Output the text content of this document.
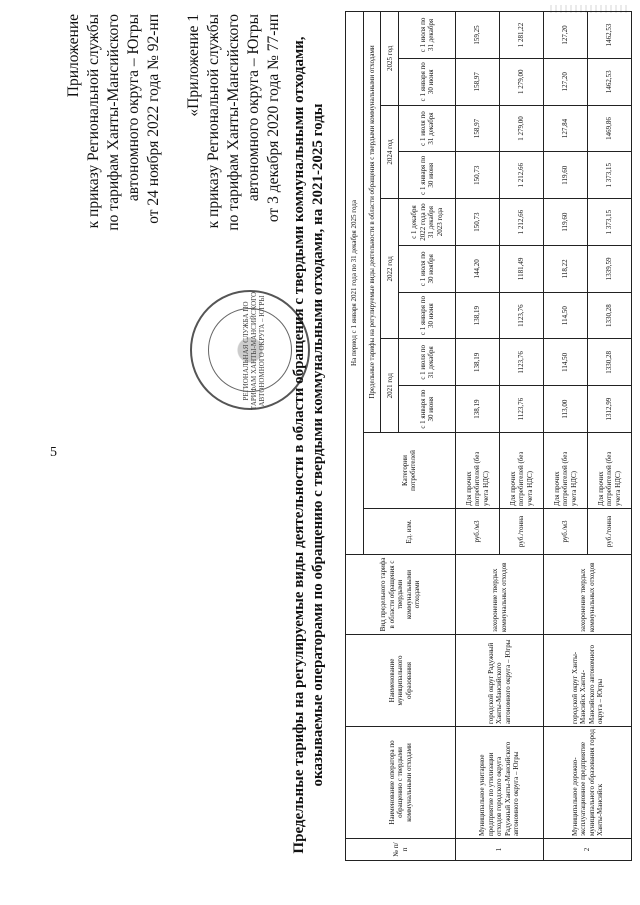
5
РЕГИОНАЛЬНАЯ СЛУЖБА ПО ТАРИФАМ ХАНТЫ-МАНСИЙСКОГО АВТОНОМНОГО ОКРУГА – ЮГРЫ
Приложение к приказу Региональной службы по тарифам Ханты-Мансийского автономного округа – Югры от 24 ноября 2022 года № 92-нп «Приложение 1 к приказу Региональной службы по тарифам Ханты-Мансийского автономного округа – Югры от 3 декабря 2020 года № 77-нп Предельные тарифы на регулируемые виды деятельности в области обращения с твердыми коммунальными отходами, оказываемые операторами по обращению с твердыми коммунальными отходами, на 2021-2025 годы
№ п/п	Наименование оператора по обращению с твердыми коммунальными отходами	Наименование муниципального образования	Вид предельного тарифа в области обращения с твердыми коммунальными отходами	На период с 1 января 2021 года по 31 декабря 2025 года										
				Ед. изм.	Категории потребителей	Предельные тарифы на регулируемые виды деятельности в области обращения с твердыми коммунальными отходами								
						2021 год		2022 год			2024 год		2025 год	
						с 1 января по 30 июня	с 1 июля по 31 декабря	с 1 января по 30 июня	с 1 июля по 30 ноября	с 1 декабря 2022 года по 31 декабря 2023 года	с 1 января по 30 июня	с 1 июля по 31 декабря	с 1 января по 30 июня	с 1 июля по 31 декабря
1	Муниципальное унитарное предприятие по утилизации отходов городского округа Радужный Ханты-Мансийского автономного округа – Югры	городской округ Радужный Ханты-Мансийского автономного округа – Югры	захоронение твердых коммунальных отходов	руб./м3	Для прочих потребителей (без учета НДС)	138,19	138,19	138,19	144,20	150,73	150,73	158,97	158,97	159,25
				руб./тонна	Для прочих потребителей (без учета НДС)	1123,76	1123,76	1123,76	1181,49	1 212,66	1 212,66	1 279,00	1 279,00	1 281,22
2	Муниципальное дорожно-эксплуатационное предприятие муниципального образования город Ханты-Мансийск	городской округ Ханты-Мансийск Ханты-Мансийского автономного округа – Югры	захоронение твердых коммунальных отходов	руб./м3	Для прочих потребителей (без учета НДС)	113,00	114,50	114,50	118,22	119,60	119,60	127,84	127,20	127,20
				руб./тонна	Для прочих потребителей (без учета НДС)	1312,99	1330,28	1330,28	1339,59	1 373,15	1 373,15	1469,86	1462,53	1462,53
